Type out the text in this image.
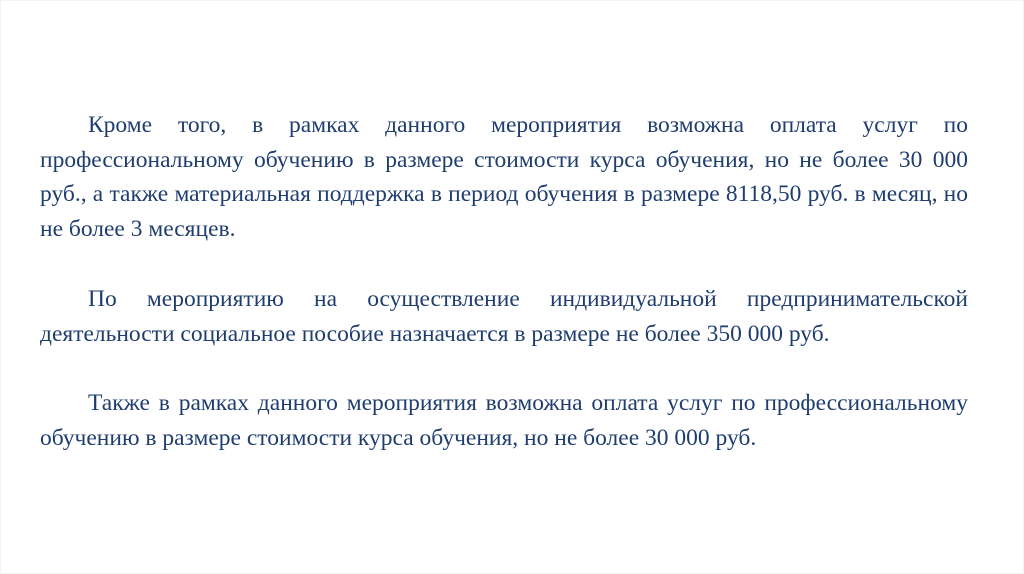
Кроме того, в рамках данного мероприятия возможна оплата услуг по профессиональному обучению в размере стоимости курса обучения, но не более 30 000 руб., а также материальная поддержка в период обучения в размере 8118,50 руб. в месяц, но не более 3 месяцев.

По мероприятию на осуществление индивидуальной предпринимательской деятельности социальное пособие назначается в размере не более 350 000 руб.

Также в рамках данного мероприятия возможна оплата услуг по профессиональному обучению в размере стоимости курса обучения, но не более 30 000 руб.
